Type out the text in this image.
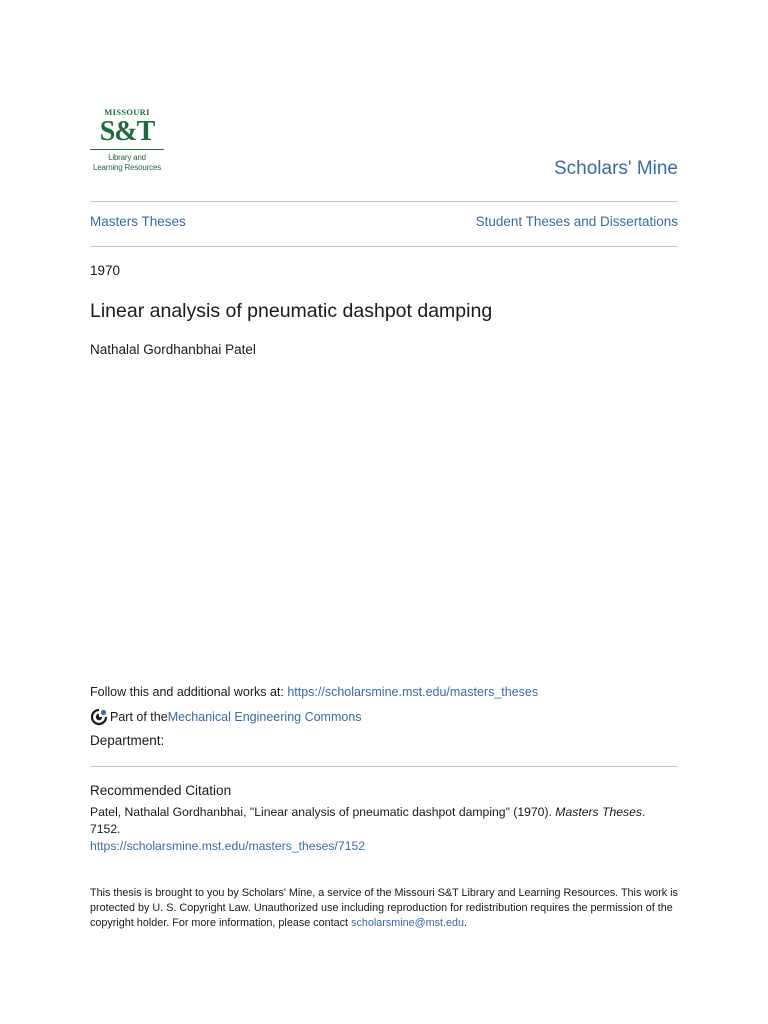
MISSOURI
S&T
Library and
Learning Resources	Scholars' Mine
Masters Theses	Student Theses and Dissertations
1970
Linear analysis of pneumatic dashpot damping
Nathalal Gordhanbhai Patel
Follow this and additional works at: https://scholarsmine.mst.edu/masters_theses
Part of the Mechanical Engineering Commons
Department:
Recommended Citation
Patel, Nathalal Gordhanbhai, "Linear analysis of pneumatic dashpot damping" (1970). Masters Theses. 7152.
https://scholarsmine.mst.edu/masters_theses/7152
This thesis is brought to you by Scholars' Mine, a service of the Missouri S&T Library and Learning Resources. This work is protected by U. S. Copyright Law. Unauthorized use including reproduction for redistribution requires the permission of the copyright holder. For more information, please contact scholarsmine@mst.edu.
